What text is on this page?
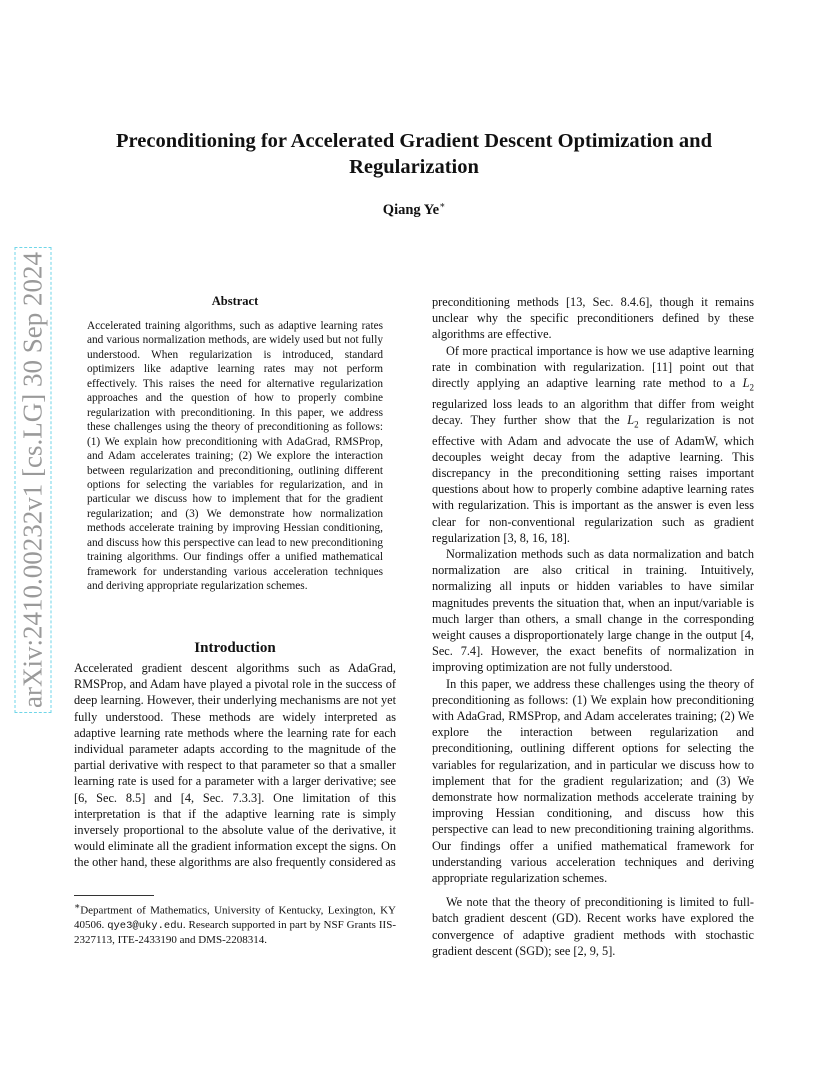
arXiv:2410.00232v1 [cs.LG] 30 Sep 2024
Preconditioning for Accelerated Gradient Descent Optimization and Regularization
Qiang Ye∗
Abstract
Accelerated training algorithms, such as adaptive learning rates and various normalization methods, are widely used but not fully understood. When regularization is introduced, standard optimizers like adaptive learning rates may not perform effectively. This raises the need for alternative regularization approaches and the question of how to properly combine regularization with preconditioning. In this paper, we address these challenges using the theory of preconditioning as follows: (1) We explain how preconditioning with AdaGrad, RMSProp, and Adam accelerates training; (2) We explore the interaction between regularization and preconditioning, outlining different options for selecting the variables for regularization, and in particular we discuss how to implement that for the gradient regularization; and (3) We demonstrate how normalization methods accelerate training by improving Hessian conditioning, and discuss how this perspective can lead to new preconditioning training algorithms. Our findings offer a unified mathematical framework for understanding various acceleration techniques and deriving appropriate regularization schemes.
Introduction

Accelerated gradient descent algorithms such as AdaGrad, RMSProp, and Adam have played a pivotal role in the success of deep learning. However, their underlying mechanisms are not yet fully understood. These methods are widely interpreted as adaptive learning rate methods where the learning rate for each individual parameter adapts according to the magnitude of the partial derivative with respect to that parameter so that a smaller learning rate is used for a parameter with a larger derivative; see [6, Sec. 8.5] and [4, Sec. 7.3.3]. One limitation of this interpretation is that if the adaptive learning rate is simply inversely proportional to the absolute value of the derivative, it would eliminate all the gradient information except the signs. On the other hand, these algorithms are also frequently considered as

∗Department of Mathematics, University of Kentucky, Lexington, KY 40506. qye3@uky.edu. Research supported in part by NSF Grants IIS-2327113, ITE-2433190 and DMS-2208314.

preconditioning methods [13, Sec. 8.4.6], though it remains unclear why the specific preconditioners defined by these algorithms are effective.

Of more practical importance is how we use adaptive learning rate in combination with regularization. [11] point out that directly applying an adaptive learning rate method to a $L_2$ regularized loss leads to an algorithm that differ from weight decay. They further show that the $L_2$ regularization is not effective with Adam and advocate the use of AdamW, which decouples weight decay from the adaptive learning. This discrepancy in the preconditioning setting raises important questions about how to properly combine adaptive learning rates with regularization. This is important as the answer is even less clear for non-conventional regularization such as gradient regularization [3, 8, 16, 18].

Normalization methods such as data normalization and batch normalization are also critical in training. Intuitively, normalizing all inputs or hidden variables to have similar magnitudes prevents the situation that, when an input/variable is much larger than others, a small change in the corresponding weight causes a disproportionately large change in the output [4, Sec. 7.4]. However, the exact benefits of normalization in improving optimization are not fully understood.

In this paper, we address these challenges using the theory of preconditioning as follows: (1) We explain how preconditioning with AdaGrad, RMSProp, and Adam accelerates training; (2) We explore the interaction between regularization and preconditioning, outlining different options for selecting the variables for regularization, and in particular we discuss how to implement that for the gradient regularization; and (3) We demonstrate how normalization methods accelerate training by improving Hessian conditioning, and discuss how this perspective can lead to new preconditioning training algorithms. Our findings offer a unified mathematical framework for understanding various acceleration techniques and deriving appropriate regularization schemes.

We note that the theory of preconditioning is limited to full-batch gradient descent (GD). Recent works have explored the convergence of adaptive gradient methods with stochastic gradient descent (SGD); see [2, 9, 5].
